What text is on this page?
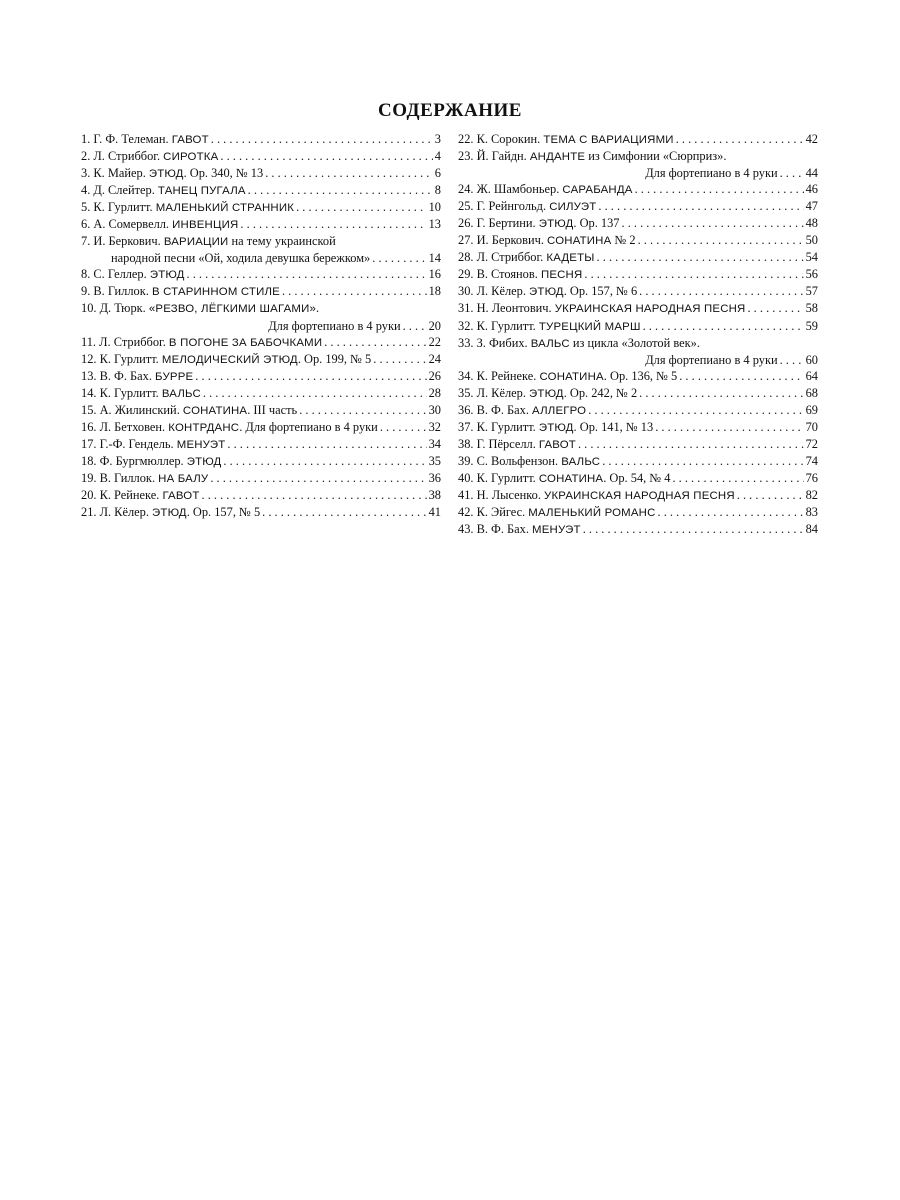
СОДЕРЖАНИЕ
1. Г. Ф. Телеман. ГАВОТ . . .	3
2. Л. Стриббог. СИРОТКА . . .	4
3. К. Майер. ЭТЮД. Ор. 340, № 13 . . .	6
4. Д. Слейтер. ТАНЕЦ ПУГАЛА . . .	8
5. К. Гурлитт. МАЛЕНЬКИЙ СТРАННИК . . .	10
6. А. Сомервелл. ИНВЕНЦИЯ . . .	13
7. И. Беркович. ВАРИАЦИИ на тему украинской
народной песни «Ой, ходила девушка бережком» . . .	14
8. С. Геллер. ЭТЮД . . .	16
9. В. Гиллок. В СТАРИННОМ СТИЛЕ . . .	18
10. Д. Тюрк. «РЕЗВО, ЛЁГКИМИ ШАГАМИ».
Для фортепиано в 4 руки . . . 20
11. Л. Стриббог. В ПОГОНЕ ЗА БАБОЧКАМИ . . .	22
12. К. Гурлитт. МЕЛОДИЧЕСКИЙ ЭТЮД. Ор. 199, № 5 . . .	24
13. В. Ф. Бах. БУРРЕ . . .	26
14. К. Гурлитт. ВАЛЬС . . .	28
15. А. Жилинский. СОНАТИНА. III часть . . .	30
16. Л. Бетховен. КОНТРДАНС. Для фортепиано в 4 руки . . .	32
17. Г.-Ф. Гендель. МЕНУЭТ . . .	34
18. Ф. Бургмюллер. ЭТЮД . . .	35
19. В. Гиллок. НА БАЛУ . . .	36
20. К. Рейнеке. ГАВОТ . . .	38
21. Л. Кёлер. ЭТЮД. Ор. 157, № 5 . . .	41
22. К. Сорокин. ТЕМА С ВАРИАЦИЯМИ . . .	42
23. Й. Гайдн. АНДАНТЕ из Симфонии «Сюрприз».
Для фортепиано в 4 руки . . . 44
24. Ж. Шамбоньер. САРАБАНДА . . .	46
25. Г. Рейнгольд. СИЛУЭТ . . .	47
26. Г. Бертини. ЭТЮД. Ор. 137 . . .	48
27. И. Беркович. СОНАТИНА № 2 . . .	50
28. Л. Стриббог. КАДЕТЫ . . .	54
29. В. Стоянов. ПЕСНЯ . . .	56
30. Л. Кёлер. ЭТЮД. Ор. 157, № 6 . . .	57
31. Н. Леонтович. УКРАИНСКАЯ НАРОДНАЯ ПЕСНЯ . . .	58
32. К. Гурлитт. ТУРЕЦКИЙ МАРШ . . .	59
33. З. Фибих. ВАЛЬС из цикла «Золотой век».
Для фортепиано в 4 руки . . . 60
34. К. Рейнеке. СОНАТИНА. Ор. 136, № 5 . . .	64
35. Л. Кёлер. ЭТЮД. Ор. 242, № 2 . . .	68
36. В. Ф. Бах. АЛЛЕГРО . . .	69
37. К. Гурлитт. ЭТЮД. Ор. 141, № 13 . . .	70
38. Г. Пёрселл. ГАВОТ . . .	72
39. С. Вольфензон. ВАЛЬС . . .	74
40. К. Гурлитт. СОНАТИНА. Ор. 54, № 4 . . .	76
41. Н. Лысенко. УКРАИНСКАЯ НАРОДНАЯ ПЕСНЯ . . .	82
42. К. Эйгес. МАЛЕНЬКИЙ РОМАНС . . .	83
43. В. Ф. Бах. МЕНУЭТ . . .	84
